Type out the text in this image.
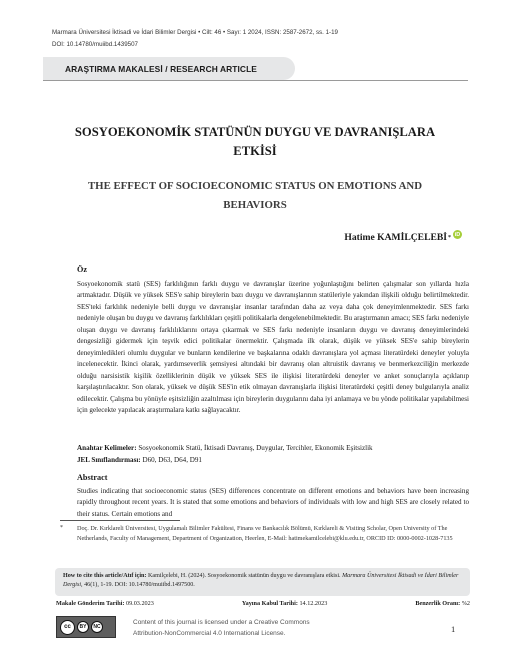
Marmara Üniversitesi İktisadi ve İdari Bilimler Dergisi • Cilt: 46 • Sayı: 1 2024, ISSN: 2587-2672, ss. 1-19
DOI: 10.14780/muiibd.1439507
ARAŞTIRMA MAKALESİ / RESEARCH ARTICLE
SOSYOEKONOMİK STATÜNÜN DUYGU VE DAVRANIŞLARA ETKİSİ
THE EFFECT OF SOCIOECONOMIC STATUS ON EMOTIONS AND BEHAVIORS
Hatime KAMİLÇELEBİ * iD
Öz
Sosyoekonomik statü (SES) farklılığının farklı duygu ve davranışlar üzerine yoğunlaştığını belirten çalışmalar son yıllarda hızla artmaktadır. Düşük ve yüksek SES'e sahip bireylerin bazı duygu ve davranışlarının statüleriyle yakından ilişkili olduğu belirtilmektedir. SES'teki farklılık nedeniyle belli duygu ve davranışlar insanlar tarafından daha az veya daha çok deneyimlenmektedir. SES farkı nedeniyle oluşan bu duygu ve davranış farklılıkları çeşitli politikalarla dengelenebilmektedir. Bu araştırmanın amacı; SES farkı nedeniyle oluşan duygu ve davranış farklılıklarını ortaya çıkarmak ve SES farkı nedeniyle insanların duygu ve davranış deneyimlerindeki dengesizliği gidermek için teşvik edici politikalar önermektir. Çalışmada ilk olarak, düşük ve yüksek SES'e sahip bireylerin deneyimledikleri olumlu duygular ve bunların kendilerine ve başkalarına odaklı davranışlara yol açması literatürdeki deneyler yoluyla incelenecektir. İkinci olarak, yardımseverlik şemsiyesi altındaki bir davranış olan altruistik davranış ve benmerkezciliğin merkezde olduğu narsisistik kişilik özelliklerinin düşük ve yüksek SES ile ilişkisi literatürdeki deneyler ve anket sonuçlarıyla açıklanıp karşılaştırılacaktır. Son olarak, yüksek ve düşük SES'in etik olmayan davranışlarla ilişkisi literatürdeki çeşitli deney bulgularıyla analiz edilecektir. Çalışma bu yönüyle eşitsizliğin azaltılması için bireylerin duygularını daha iyi anlamaya ve bu yönde politikalar yapılabilmesi için gelecekte yapılacak araştırmalara katkı sağlayacaktır.
Anahtar Kelimeler: Sosyoekonomik Statü, İktisadi Davranış, Duygular, Tercihler, Ekonomik Eşitsizlik
JEL Sınıflandırması: D60, D63, D64, D91
Abstract
Studies indicating that socioeconomic status (SES) differences concentrate on different emotions and behaviors have been increasing rapidly throughout recent years. It is stated that some emotions and behaviors of individuals with low and high SES are closely related to their status. Certain emotions and
*	Doç. Dr. Kırklareli Üniversitesi, Uygulamalı Bilimler Fakültesi, Finans ve Bankacılık Bölümü, Kırklareli & Visiting Scholar, Open University of The Netherlands, Faculty of Management, Department of Organization, Heerlen, E-Mail: hatimekamilcelebi@klu.edu.tr, ORCID ID: 0000-0002-1028-7135
How to cite this article/Atıf için: Kamilçelebi, H. (2024). Sosyoekonomik statünün duygu ve davranışlara etkisi. Marmara Üniversitesi İktisadi ve İdari Bilimler Dergisi, 46(1), 1-19. DOI: 10.14780/muiibd.1497500.
Makale Gönderim Tarihi: 09.03.2023	Yayına Kabul Tarihi: 14.12.2023	Benzerlik Oranı: %2
cc	BY	NC
Content of this journal is licensed under a Creative Commons
Attribution-NonCommercial 4.0 International License.	1
